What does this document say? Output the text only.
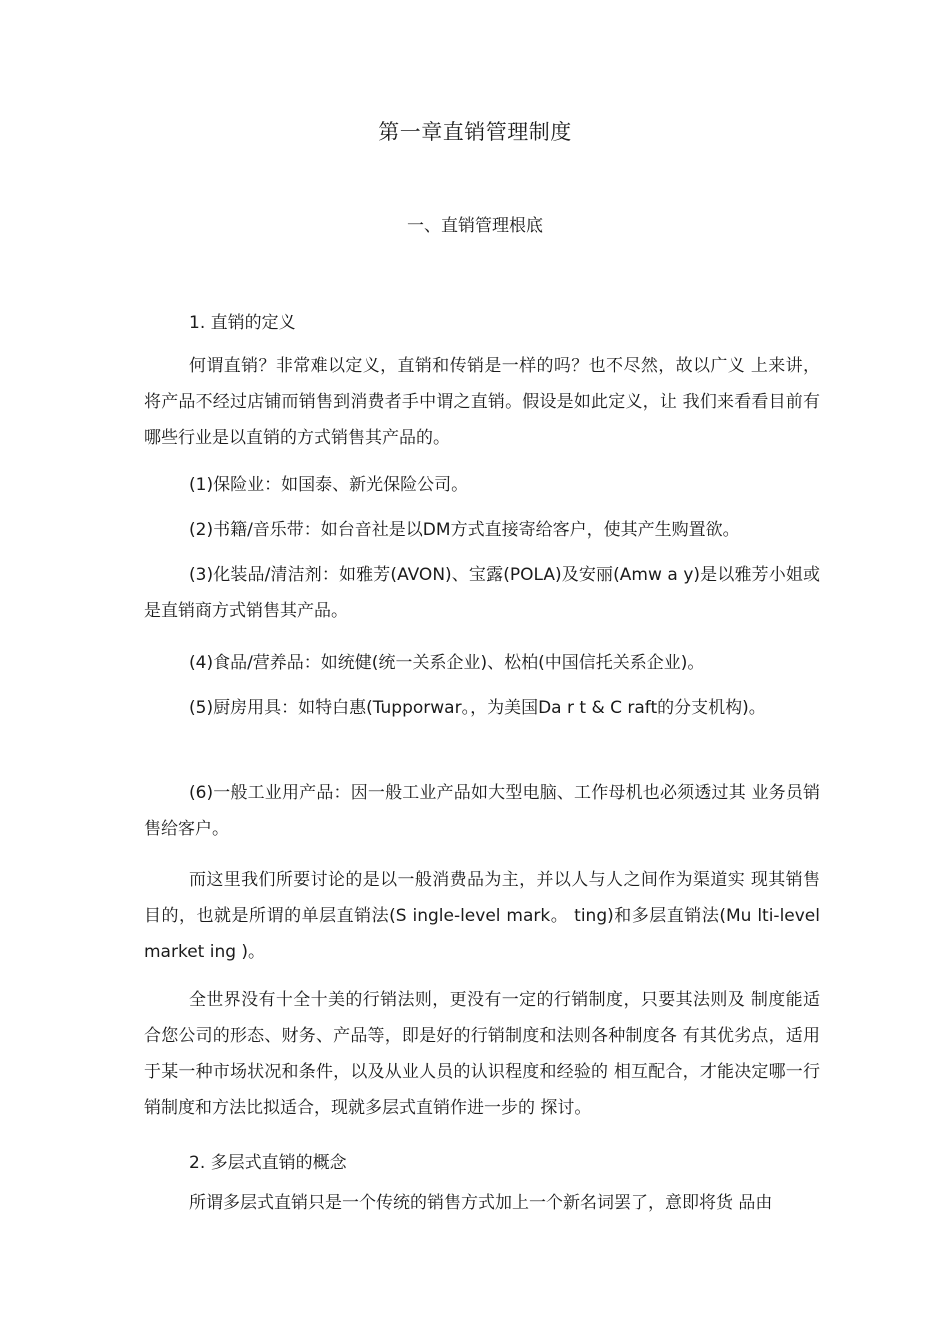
第一章直销管理制度
一、直销管理根底
1. 直销的定义
何谓直销？非常难以定义，直销和传销是一样的吗？也不尽然，故以广义 上来讲，将产品不经过店铺而销售到消费者手中谓之直销。假设是如此定义，让 我们来看看目前有哪些行业是以直销的方式销售其产品的。
(1)保险业：如国泰、新光保险公司。
(2)书籍/音乐带：如台音社是以DM方式直接寄给客户，使其产生购置欲。
(3)化装品/清洁剂：如雅芳(AVON)、宝露(POLA)及安丽(Amw a y)是以雅芳小姐或是直销商方式销售其产品。
(4)食品/营养品：如统健(统一关系企业)、松柏(中国信托关系企业)。
(5)厨房用具：如特白惠(Tupporwar。，为美国Da r t & C raft的分支机构)。
(6)一般工业用产品：因一般工业产品如大型电脑、工作母机也必须透过其 业务员销售给客户。
而这里我们所要讨论的是以一般消费品为主，并以人与人之间作为渠道实 现其销售目的，也就是所谓的单层直销法(S ingle-level mark。 ting)和多层直销法(Mu lti-level market ing )。
全世界没有十全十美的行销法则，更没有一定的行销制度，只要其法则及 制度能适合您公司的形态、财务、产品等，即是好的行销制度和法则各种制度各 有其优劣点，适用于某一种市场状况和条件，以及从业人员的认识程度和经验的 相互配合，才能决定哪一行销制度和方法比拟适合，现就多层式直销作进一步的 探讨。
2. 多层式直销的概念
所谓多层式直销只是一个传统的销售方式加上一个新名词罢了，意即将货 品由
